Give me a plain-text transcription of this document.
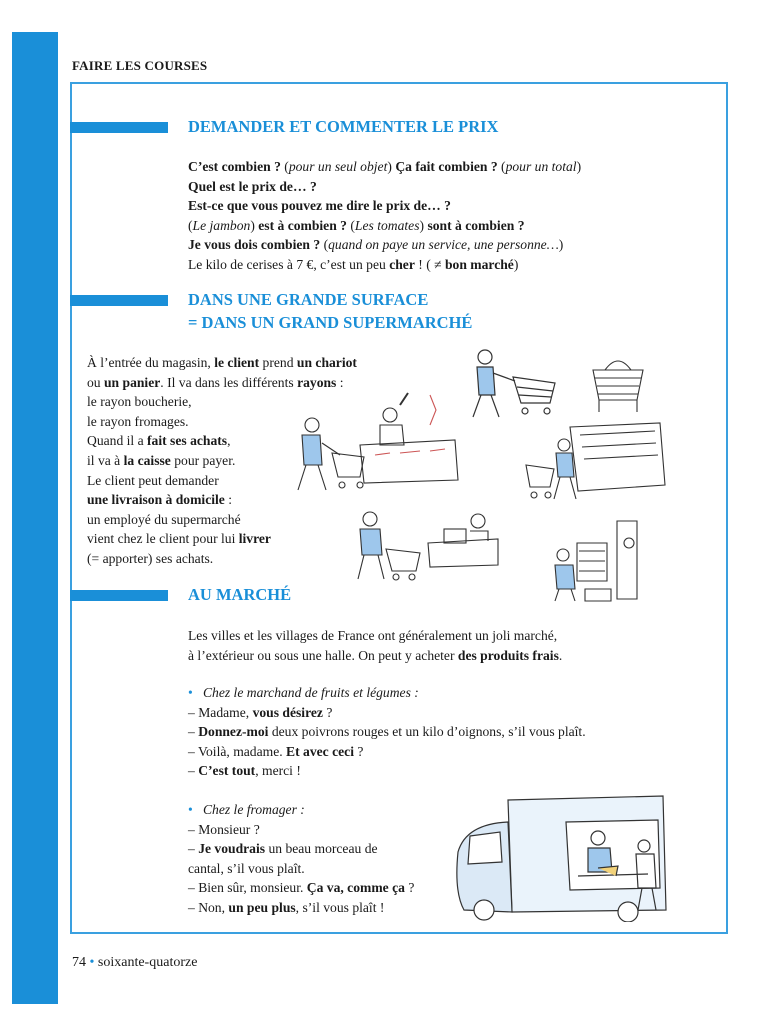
FAIRE LES COURSES
DEMANDER ET COMMENTER LE PRIX
C’est combien ? (pour un seul objet) Ça fait combien ? (pour un total)
Quel est le prix de… ?
Est-ce que vous pouvez me dire le prix de… ?
(Le jambon) est à combien ? (Les tomates) sont à combien ?
Je vous dois combien ? (quand on paye un service, une personne…)
Le kilo de cerises à 7 €, c’est un peu cher ! ( ≠ bon marché)
DANS UNE GRANDE SURFACE
= DANS UN GRAND SUPERMARCHÉ
À l’entrée du magasin, le client prend un chariot
ou un panier. Il va dans les différents rayons :
le rayon boucherie,
le rayon fromages.
Quand il a fait ses achats,
il va à la caisse pour payer.
Le client peut demander
une livraison à domicile :
un employé du supermarché
vient chez le client pour lui livrer
(= apporter) ses achats.
AU MARCHÉ
Les villes et les villages de France ont généralement un joli marché,
à l’extérieur ou sous une halle. On peut y acheter des produits frais.
• Chez le marchand de fruits et légumes :
– Madame, vous désirez ?
– Donnez-moi deux poivrons rouges et un kilo d’oignons, s’il vous plaît.
– Voilà, madame. Et avec ceci ?
– C’est tout, merci !
• Chez le fromager :
– Monsieur ?
– Je voudrais un beau morceau de
cantal, s’il vous plaît.
– Bien sûr, monsieur. Ça va, comme ça ?
– Non, un peu plus, s’il vous plaît !
74 • soixante-quatorze
